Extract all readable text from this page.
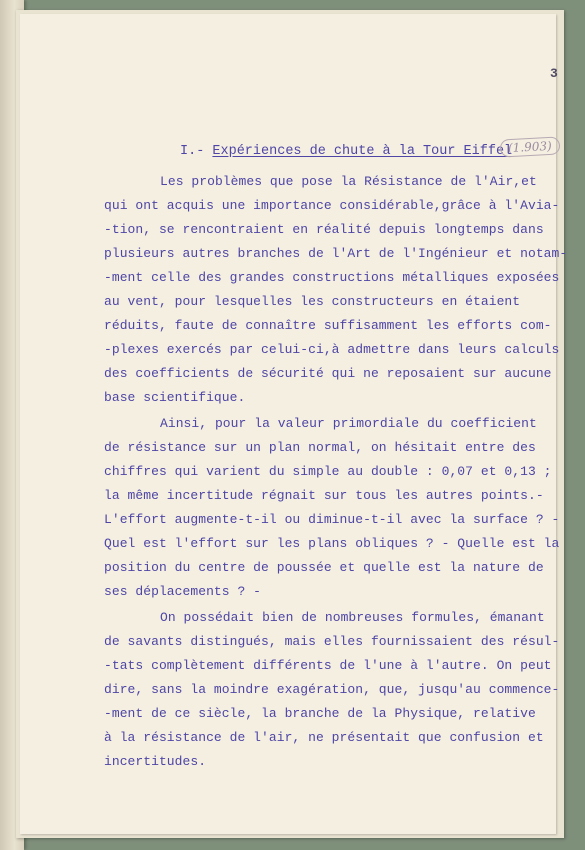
3

I.- Expériences de chute à la Tour Eiffel
(1.903)

Les problèmes que pose la Résistance de l'Air,et

qui ont acquis une importance considérable,grâce à l'Avia-

-tion, se rencontraient en réalité depuis longtemps dans

plusieurs autres branches de l'Art de l'Ingénieur et notam-

-ment celle des grandes constructions métalliques exposées

au vent, pour lesquelles les constructeurs en étaient

réduits, faute de connaître suffisamment les efforts com-

-plexes exercés par celui-ci,à admettre dans leurs calculs

des coefficients de sécurité qui ne reposaient sur aucune

base scientifique.

Ainsi, pour la valeur primordiale du coefficient

de résistance sur un plan normal, on hésitait entre des

chiffres qui varient du simple au double : 0,07 et 0,13 ;

la même incertitude régnait sur tous les autres points.-

L'effort augmente-t-il ou diminue-t-il avec la surface ? -

Quel est l'effort sur les plans obliques ? - Quelle est la

position du centre de poussée et quelle est la nature de

ses déplacements ? -

On possédait bien de nombreuses formules, émanant

de savants distingués, mais elles fournissaient des résul-

-tats complètement différents de l'une à l'autre. On peut

dire, sans la moindre exagération, que, jusqu'au commence-

-ment de ce siècle, la branche de la Physique, relative

à la résistance de l'air, ne présentait que confusion et

incertitudes.
